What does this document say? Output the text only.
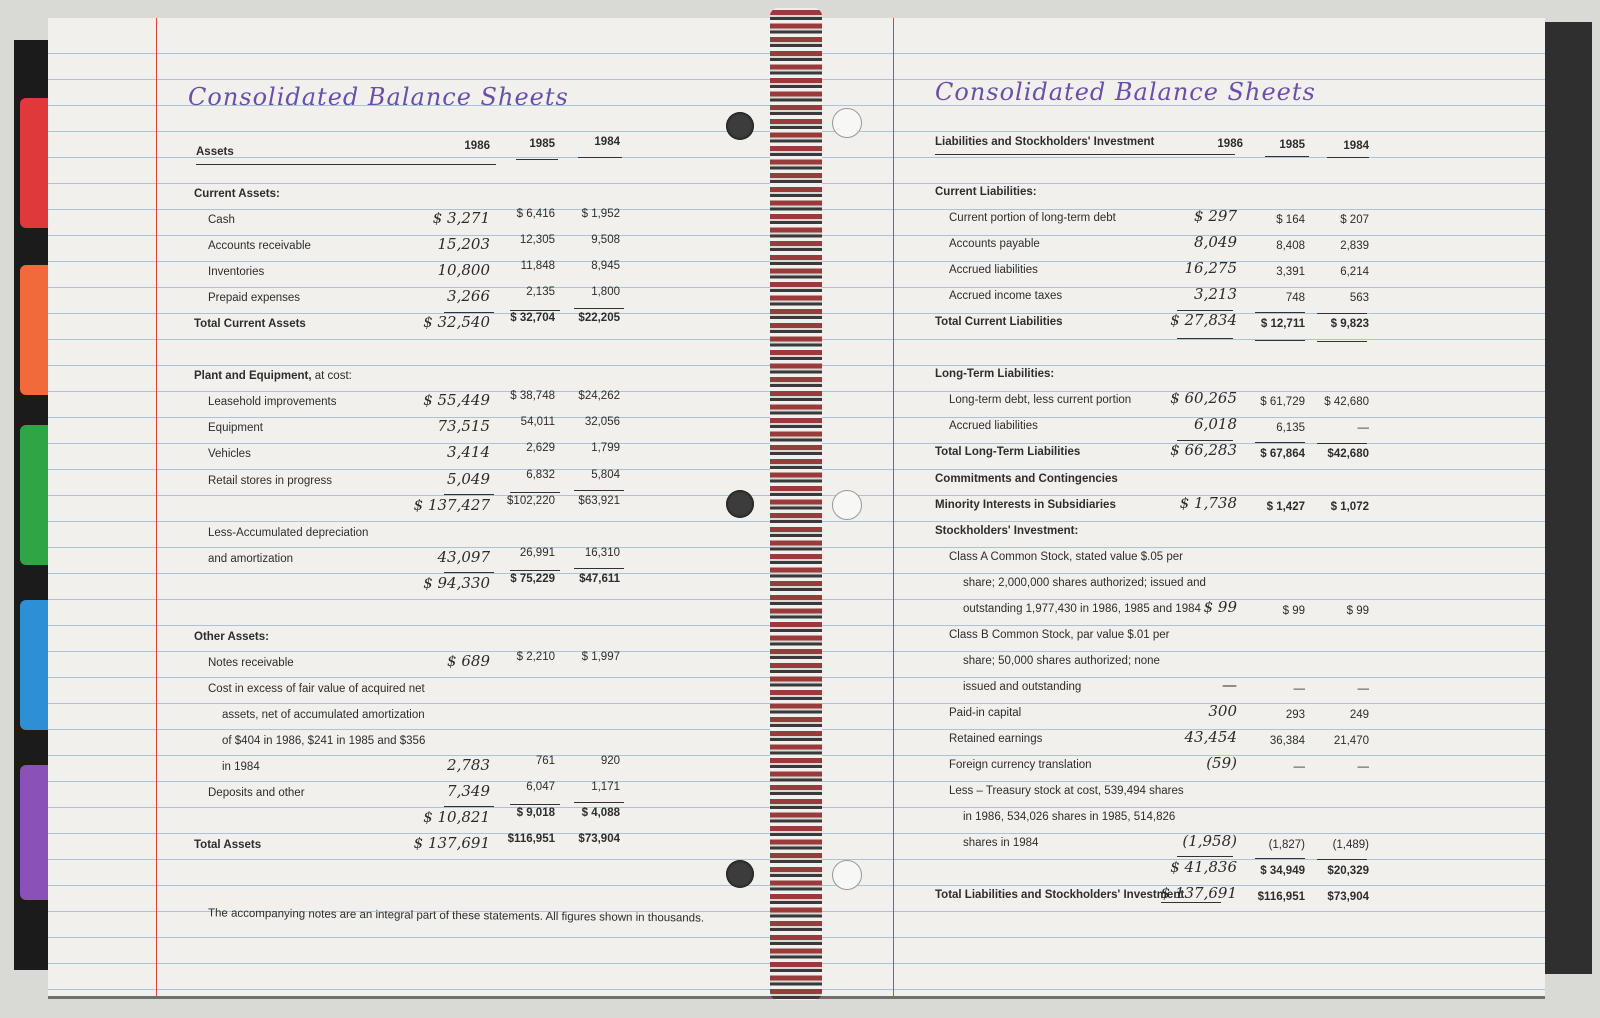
Consolidated Balance Sheets
Assets	1986	1985	1984
Current Assets:
Cash	$ 3,271	$ 6,416	$ 1,952
Accounts receivable	15,203	12,305	9,508
Inventories	10,800	11,848	8,945
Prepaid expenses	3,266	2,135	1,800
Total Current Assets	$ 32,540	$ 32,704	$22,205
Plant and Equipment, at cost:
Leasehold improvements	$ 55,449	$ 38,748	$24,262
Equipment	73,515	54,011	32,056
Vehicles	3,414	2,629	1,799
Retail stores in progress	5,049	6,832	5,804
$ 137,427	$102,220	$63,921
Less-Accumulated depreciation
and amortization	43,097	26,991	16,310
$ 94,330	$ 75,229	$47,611
Other Assets:
Notes receivable	$ 689	$ 2,210	$ 1,997
Cost in excess of fair value of acquired net
assets, net of accumulated amortization
of $404 in 1986, $241 in 1985 and $356
in 1984	2,783	761	920
Deposits and other	7,349	6,047	1,171
$ 10,821	$ 9,018	$ 4,088
Total Assets	$ 137,691	$116,951	$73,904
The accompanying notes are an integral part of these statements. All figures shown in thousands.
Consolidated Balance Sheets
Liabilities and Stockholders' Investment	1986	1985	1984
Current Liabilities:
Current portion of long-term debt	$ 297	$ 164	$ 207
Accounts payable	8,049	8,408	2,839
Accrued liabilities	16,275	3,391	6,214
Accrued income taxes	3,213	748	563
Total Current Liabilities	$ 27,834	$ 12,711	$ 9,823
Long-Term Liabilities:
Long-term debt, less current portion	$ 60,265	$ 61,729	$ 42,680
Accrued liabilities	6,018	6,135	—
Total Long-Term Liabilities	$ 66,283	$ 67,864	$42,680
Commitments and Contingencies
Minority Interests in Subsidiaries	$ 1,738	$ 1,427	$ 1,072
Stockholders' Investment:
Class A Common Stock, stated value $.05 per
share; 2,000,000 shares authorized; issued and
outstanding 1,977,430 in 1986, 1985 and 1984 $ 99	$ 99	$ 99
Class B Common Stock, par value $.01 per
share; 50,000 shares authorized; none
issued and outstanding	—	—	—
Paid-in capital	300	293	249
Retained earnings	43,454	36,384	21,470
Foreign currency translation	(59)	—	—
Less – Treasury stock at cost, 539,494 shares
in 1986, 534,026 shares in 1985, 514,826
shares in 1984	(1,958)	(1,827)	(1,489)
$ 41,836	$ 34,949	$20,329
Total Liabilities and Stockholders' Investment
$ 137,691	$116,951	$73,904
